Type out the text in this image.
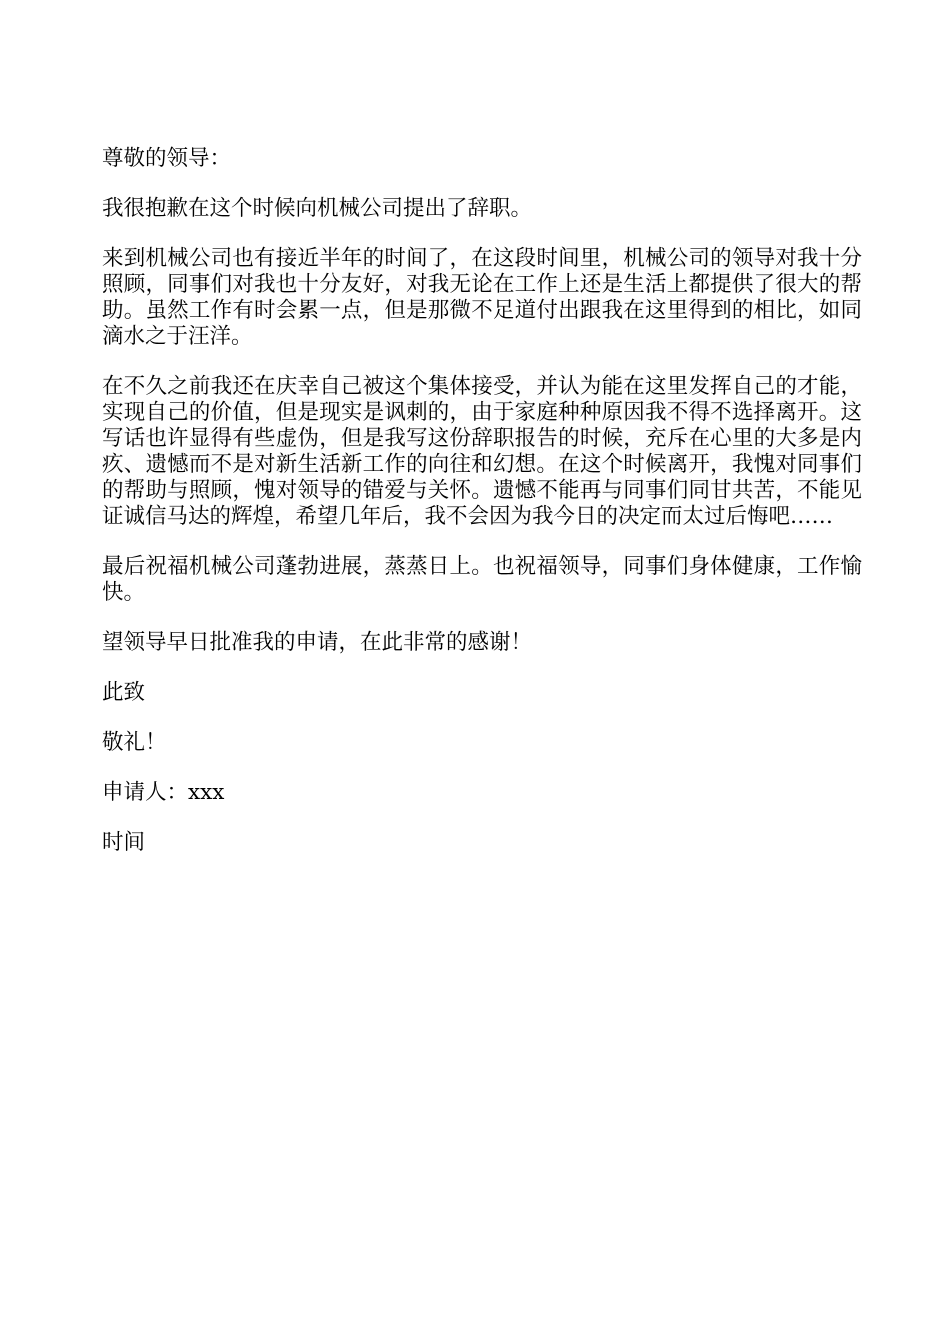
尊敬的领导：

我很抱歉在这个时候向机械公司提出了辞职。

来到机械公司也有接近半年的时间了，在这段时间里，机械公司的领导对我十分照顾，同事们对我也十分友好，对我无论在工作上还是生活上都提供了很大的帮助。虽然工作有时会累一点，但是那微不足道付出跟我在这里得到的相比，如同滴水之于汪洋。

在不久之前我还在庆幸自己被这个集体接受，并认为能在这里发挥自己的才能，实现自己的价值，但是现实是讽刺的，由于家庭种种原因我不得不选择离开。这写话也许显得有些虚伪，但是我写这份辞职报告的时候，充斥在心里的大多是内疚、遗憾而不是对新生活新工作的向往和幻想。在这个时候离开，我愧对同事们的帮助与照顾，愧对领导的错爱与关怀。遗憾不能再与同事们同甘共苦，不能见证诚信马达的辉煌，希望几年后，我不会因为我今日的决定而太过后悔吧……

最后祝福机械公司蓬勃进展，蒸蒸日上。也祝福领导，同事们身体健康，工作愉快。

望领导早日批准我的申请，在此非常的感谢！

此致

敬礼！

申请人：xxx

时间
